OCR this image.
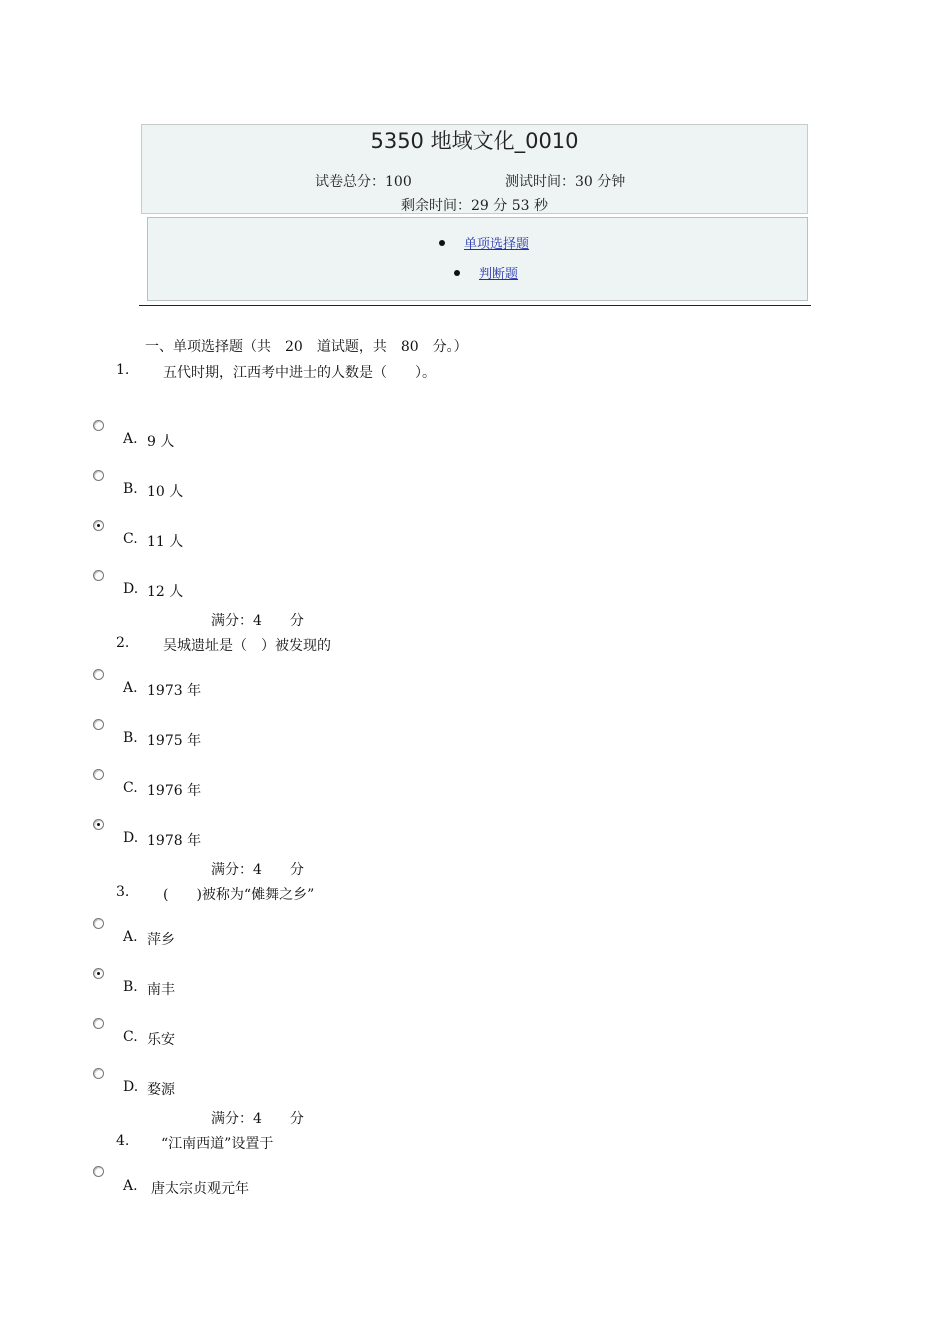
5350 地域文化_0010
试卷总分：100	测试时间：30 分钟
剩余时间：29 分 53 秒
单项选择题
判断题
一、单项选择题（共　20　道试题，共　80　分。）
1. 五代时期，江西考中进士的人数是（　　）。
A. 9 人
B. 10 人
C. 11 人
D. 12 人
满分：4　　分
2. 吴城遗址是（　）被发现的
A. 1973 年
B. 1975 年
C. 1976 年
D. 1978 年
满分：4　　分
3. (　　)被称为“傩舞之乡”
A. 萍乡
B. 南丰
C. 乐安
D. 婺源
满分：4　　分
4. “江南西道”设置于
A. 唐太宗贞观元年
